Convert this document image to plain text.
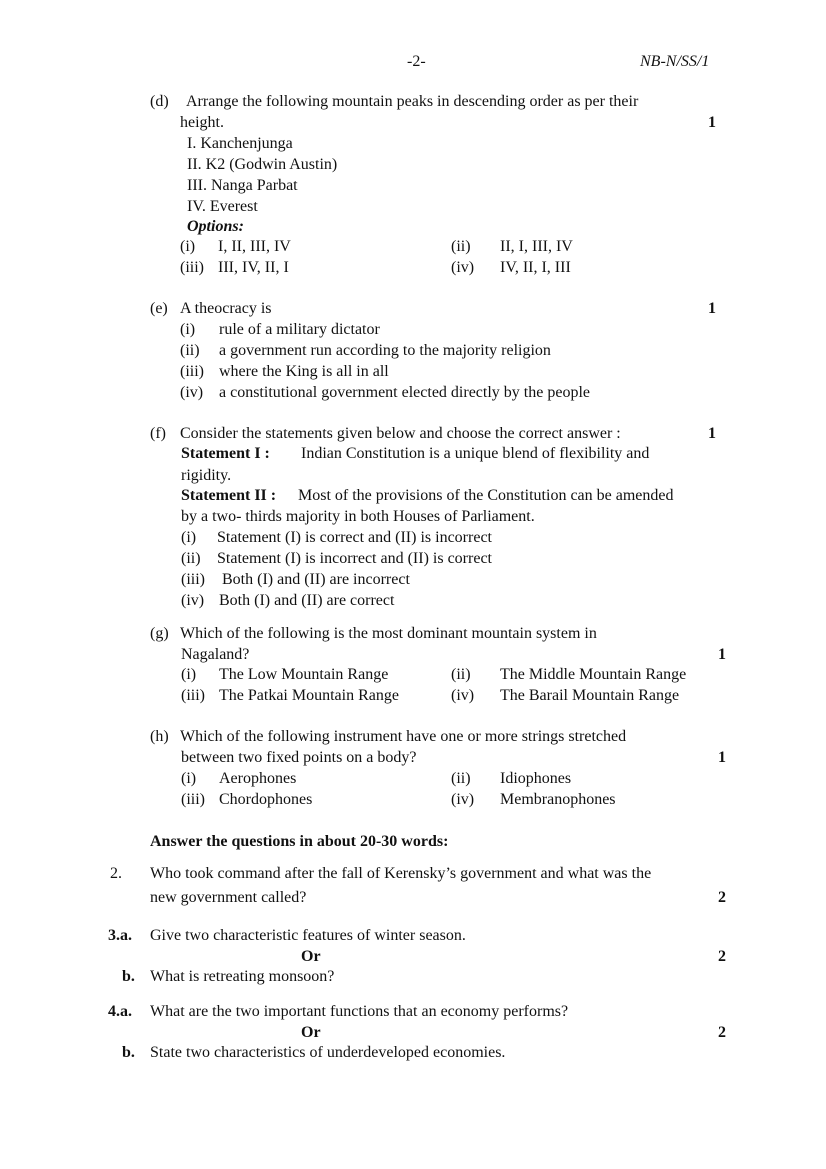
-2-	NB-N/SS/1
(d) Arrange the following mountain peaks in descending order as per their
height.	1
I. Kanchenjunga
II. K2 (Godwin Austin)
III. Nanga Parbat
IV. Everest
Options:
(i) I, II, III, IV	(ii) II, I, III, IV
(iii) III, IV, II, I	(iv) IV, II, I, III
(e) A theocracy is	1
(i) rule of a military dictator
(ii) a government run according to the majority religion
(iii) where the King is all in all
(iv) a constitutional government elected directly by the people
(f) Consider the statements given below and choose the correct answer :	1
Statement I : Indian Constitution is a unique blend of flexibility and
rigidity.
Statement II : Most of the provisions of the Constitution can be amended
by a two- thirds majority in both Houses of Parliament.
(i) Statement (I) is correct and (II) is incorrect
(ii) Statement (I) is incorrect and (II) is correct
(iii) Both (I) and (II) are incorrect
(iv) Both (I) and (II) are correct
(g) Which of the following is the most dominant mountain system in
Nagaland?	1
(i) The Low Mountain Range	(ii) The Middle Mountain Range
(iii) The Patkai Mountain Range	(iv) The Barail Mountain Range
(h) Which of the following instrument have one or more strings stretched
between two fixed points on a body?	1
(i) Aerophones	(ii) Idiophones
(iii) Chordophones	(iv) Membranophones
Answer the questions in about 20-30 words:
2. Who took command after the fall of Kerensky’s government and what was the
new government called?	2
3.a. Give two characteristic features of winter season.
Or	2
b. What is retreating monsoon?
4.a. What are the two important functions that an economy performs?
Or	2
b. State two characteristics of underdeveloped economies.
